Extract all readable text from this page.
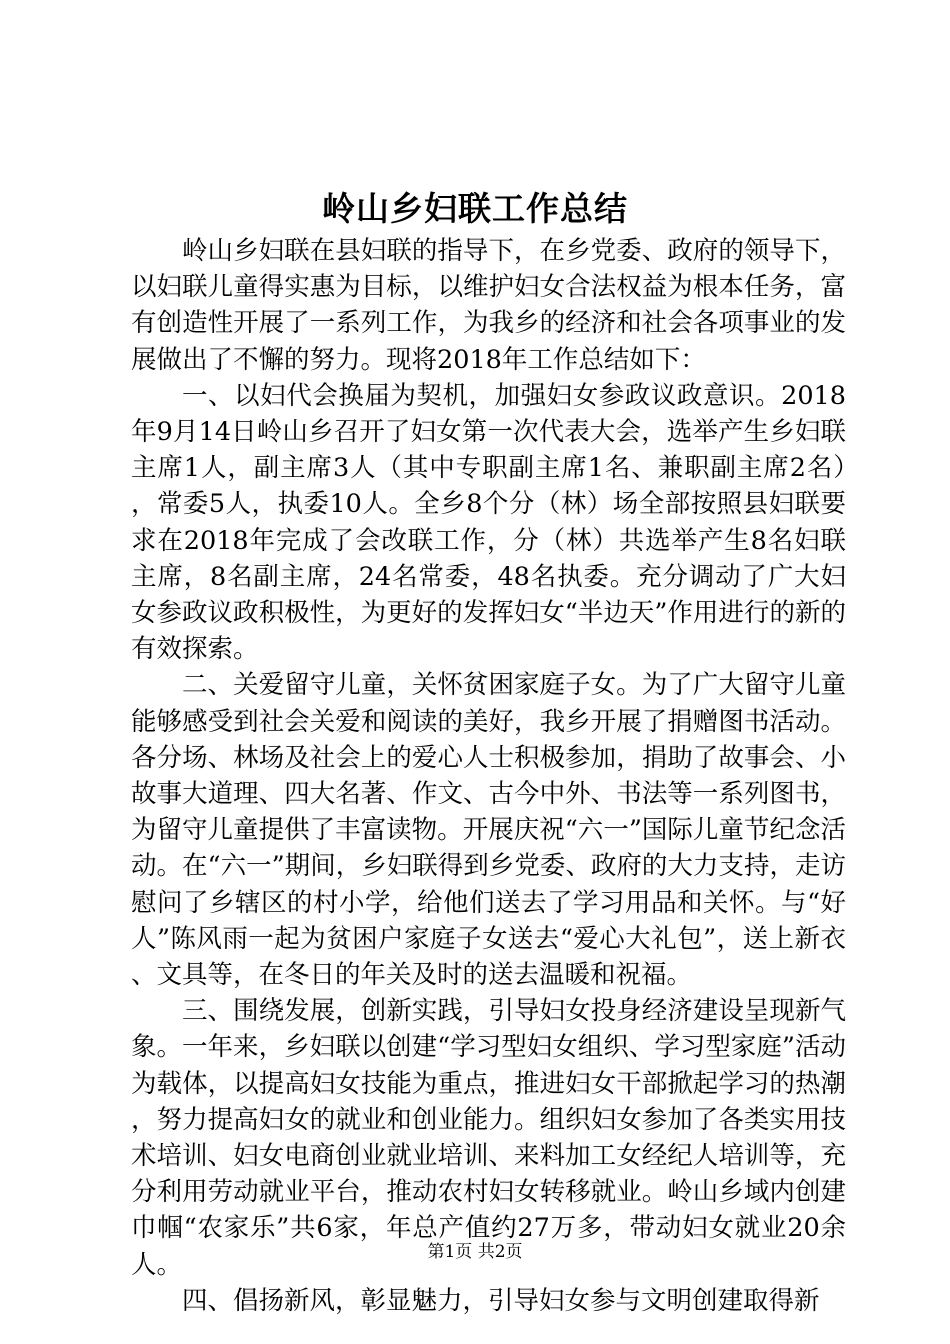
岭山乡妇联工作总结

岭山乡妇联在县妇联的指导下，在乡党委、政府的领导下，以妇联儿童得实惠为目标，以维护妇女合法权益为根本任务，富有创造性开展了一系列工作，为我乡的经济和社会各项事业的发展做出了不懈的努力。现将2018年工作总结如下：

一、以妇代会换届为契机，加强妇女参政议政意识。2018年9月14日岭山乡召开了妇女第一次代表大会，选举产生乡妇联主席1人，副主席3人（其中专职副主席1名、兼职副主席2名），常委5人，执委10人。全乡8个分（林）场全部按照县妇联要求在2018年完成了会改联工作，分（林）共选举产生8名妇联主席，8名副主席，24名常委，48名执委。充分调动了广大妇女参政议政积极性，为更好的发挥妇女“半边天”作用进行的新的有效探索。

二、关爱留守儿童，关怀贫困家庭子女。为了广大留守儿童能够感受到社会关爱和阅读的美好，我乡开展了捐赠图书活动。各分场、林场及社会上的爱心人士积极参加，捐助了故事会、小故事大道理、四大名著、作文、古今中外、书法等一系列图书，为留守儿童提供了丰富读物。开展庆祝“六一”国际儿童节纪念活动。在“六一”期间，乡妇联得到乡党委、政府的大力支持，走访慰问了乡辖区的村小学，给他们送去了学习用品和关怀。与“好人”陈风雨一起为贫困户家庭子女送去“爱心大礼包”，送上新衣、文具等，在冬日的年关及时的送去温暖和祝福。

三、围绕发展，创新实践，引导妇女投身经济建设呈现新气象。一年来，乡妇联以创建“学习型妇女组织、学习型家庭”活动为载体，以提高妇女技能为重点，推进妇女干部掀起学习的热潮，努力提高妇女的就业和创业能力。组织妇女参加了各类实用技术培训、妇女电商创业就业培训、来料加工女经纪人培训等，充分利用劳动就业平台，推动农村妇女转移就业。岭山乡域内创建巾帼“农家乐”共6家，年总产值约27万多，带动妇女就业20余人。

四、倡扬新风，彰显魅力，引导妇女参与文明创建取得新

第1页 共2页
